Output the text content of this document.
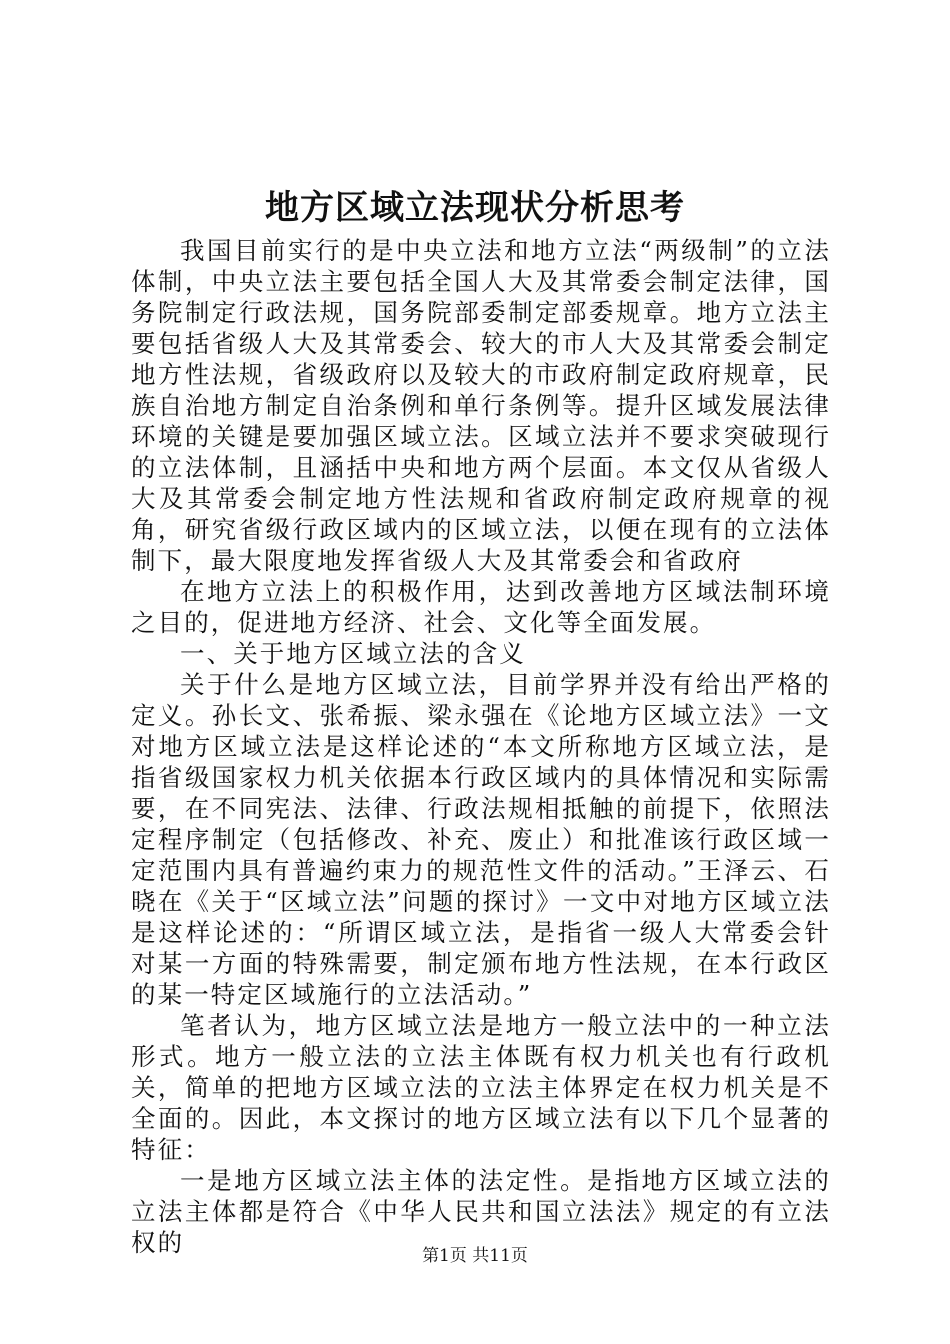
地方区域立法现状分析思考

我国目前实行的是中央立法和地方立法“两级制”的立法体制，中央立法主要包括全国人大及其常委会制定法律，国务院制定行政法规，国务院部委制定部委规章。地方立法主要包括省级人大及其常委会、较大的市人大及其常委会制定地方性法规，省级政府以及较大的市政府制定政府规章，民族自治地方制定自治条例和单行条例等。提升区域发展法律环境的关键是要加强区域立法。区域立法并不要求突破现行的立法体制，且涵括中央和地方两个层面。本文仅从省级人大及其常委会制定地方性法规和省政府制定政府规章的视角，研究省级行政区域内的区域立法，以便在现有的立法体制下，最大限度地发挥省级人大及其常委会和省政府

在地方立法上的积极作用，达到改善地方区域法制环境之目的，促进地方经济、社会、文化等全面发展。

一、关于地方区域立法的含义

关于什么是地方区域立法，目前学界并没有给出严格的定义。孙长文、张希振、梁永强在《论地方区域立法》一文对地方区域立法是这样论述的“本文所称地方区域立法，是指省级国家权力机关依据本行政区域内的具体情况和实际需要，在不同宪法、法律、行政法规相抵触的前提下，依照法定程序制定（包括修改、补充、废止）和批准该行政区域一定范围内具有普遍约束力的规范性文件的活动。”王泽云、石晓在《关于“区域立法”问题的探讨》一文中对地方区域立法是这样论述的：“所谓区域立法，是指省一级人大常委会针对某一方面的特殊需要，制定颁布地方性法规，在本行政区的某一特定区域施行的立法活动。”

笔者认为，地方区域立法是地方一般立法中的一种立法形式。地方一般立法的立法主体既有权力机关也有行政机关，简单的把地方区域立法的立法主体界定在权力机关是不全面的。因此，本文探讨的地方区域立法有以下几个显著的特征：

一是地方区域立法主体的法定性。是指地方区域立法的立法主体都是符合《中华人民共和国立法法》规定的有立法权的	第1页 共11页
